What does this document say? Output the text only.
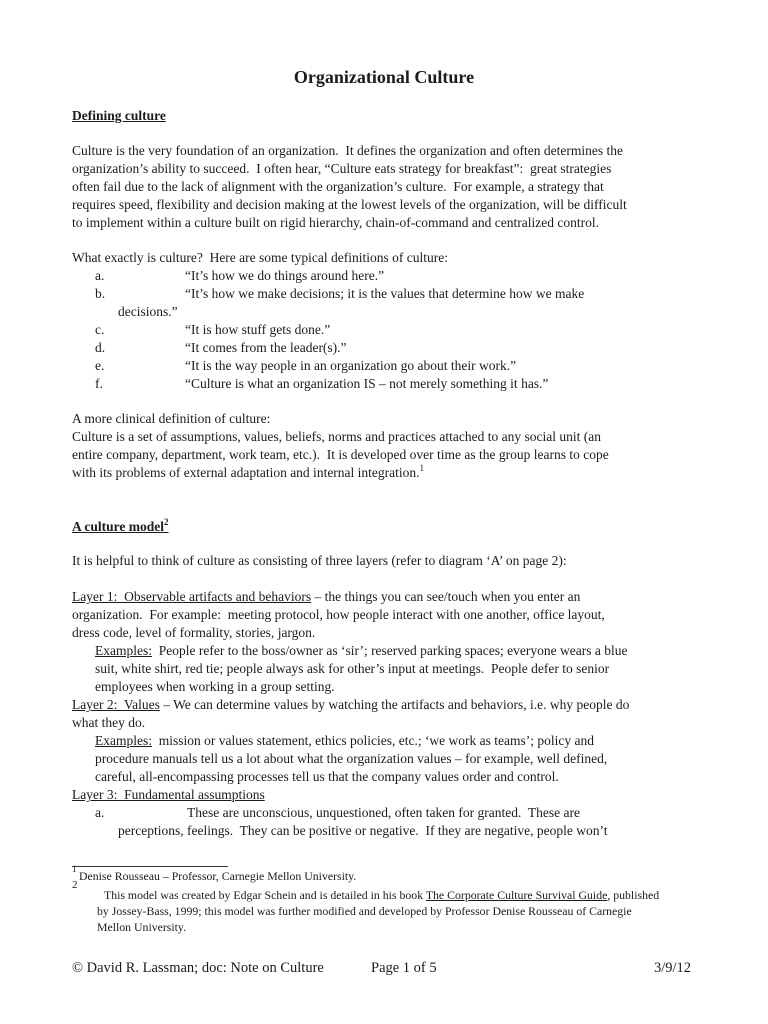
Organizational Culture
Defining culture
Culture is the very foundation of an organization.  It defines the organization and often determines the
organization’s ability to succeed.  I often hear, “Culture eats strategy for breakfast”:  great strategies
often fail due to the lack of alignment with the organization’s culture.  For example, a strategy that
requires speed, flexibility and decision making at the lowest levels of the organization, will be difficult
to implement within a culture built on rigid hierarchy, chain-of-command and centralized control.
What exactly is culture?  Here are some typical definitions of culture:

a.

	“It’s how we do things around here.”

b.

	“It’s how we make decisions; it is the values that determine how we make

decisions.”

c.

	“It is how stuff gets done.”

d.

	“It comes from the leader(s).”

e.

	“It is the way people in an organization go about their work.”

f.

	“Culture is what an organization IS – not merely something it has.”

A more clinical definition of culture:
Culture is a set of assumptions, values, beliefs, norms and practices attached to any social unit (an
entire company, department, work team, etc.).  It is developed over time as the group learns to cope
with its problems of external adaptation and internal integration.$^1$
A culture model$^2$
It is helpful to think of culture as consisting of three layers (refer to diagram ‘A’ on page 2):
Layer 1:  Observable artifacts and behaviors – the things you can see/touch when you enter an
organization.  For example:  meeting protocol, how people interact with one another, office layout,
dress code, level of formality, stories, jargon.
Examples:  People refer to the boss/owner as ‘sir’; reserved parking spaces; everyone wears a blue
suit, white shirt, red tie; people always ask for other’s input at meetings.  People defer to senior
employees when working in a group setting.
Layer 2:  Values – We can determine values by watching the artifacts and behaviors, i.e. why people do
what they do.
Examples:  mission or values statement, ethics policies, etc.; ‘we work as teams’; policy and
procedure manuals tell us a lot about what the organization values – for example, well defined,
careful, all-encompassing processes tell us that the company values order and control.
Layer 3:  Fundamental assumptions

a.

	These are unconscious, unquestioned, often taken for granted.  These are

perceptions, feelings.  They can be positive or negative.  If they are negative, people won’t

1

Denise Rousseau – Professor, Carnegie Mellon University.

2

This model was created by Edgar Schein and is detailed in his book The Corporate Culture Survival Guide, published

by Jossey-Bass, 1999; this model was further modified and developed by Professor Denise Rousseau of Carnegie

Mellon University.

© David R. Lassman; doc: Note on Culture

	Page 1 of 5

	3/9/12
